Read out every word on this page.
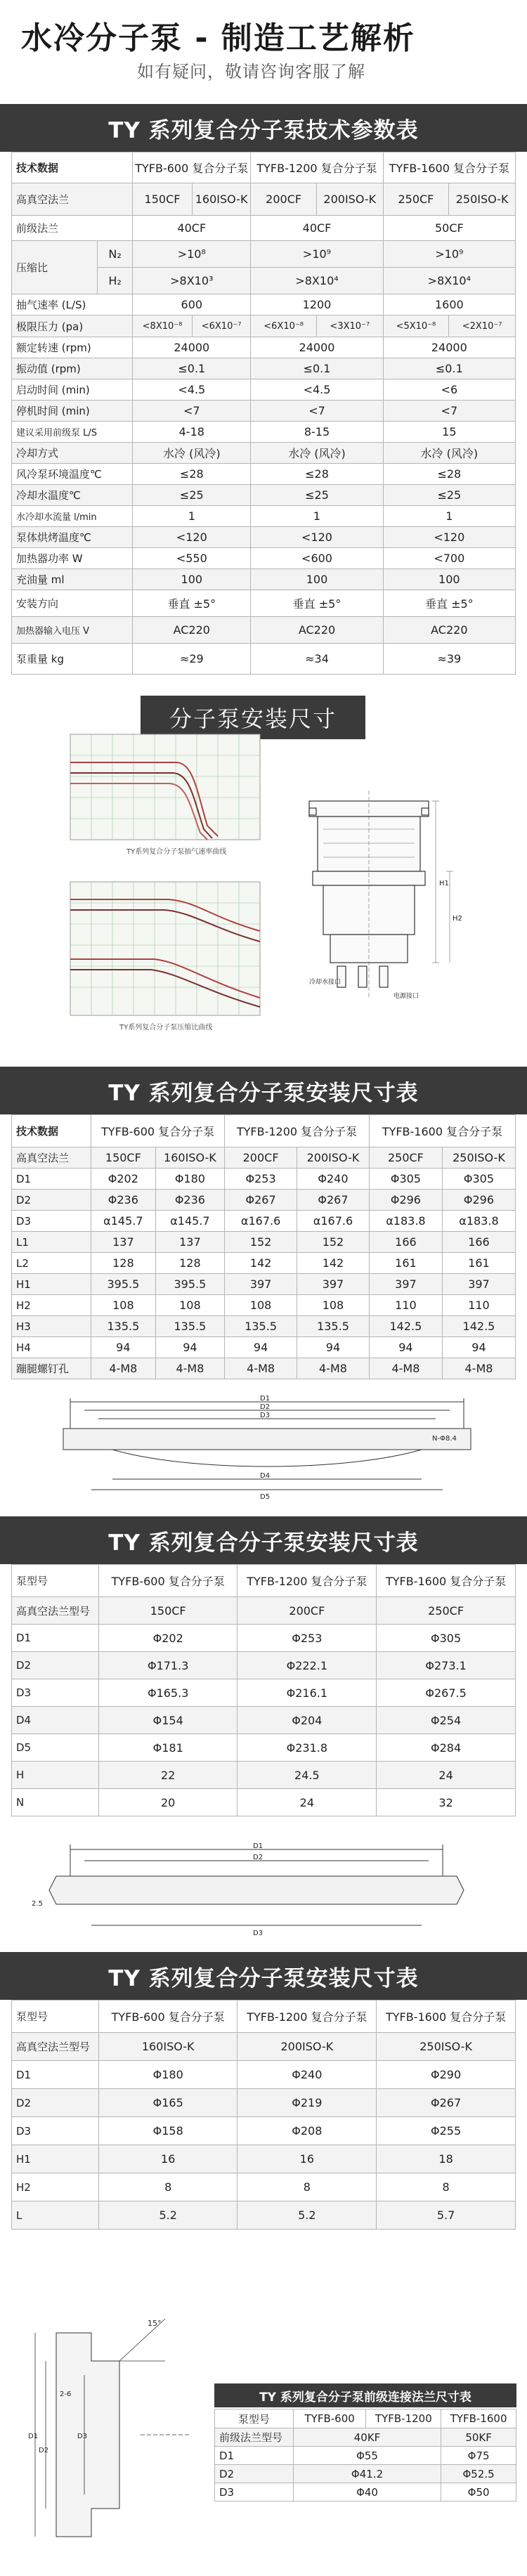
水冷分子泵 - 制造工艺解析
如有疑问，敬请咨询客服了解
TY 系列复合分子泵技术参数表
技术数据		TYFB-600 复合分子泵		TYFB-1200 复合分子泵		TYFB-1600 复合分子泵	
高真空法兰		150CF	160ISO-K	200CF	200ISO-K	250CF	250ISO-K
前级法兰		40CF		40CF		50CF	
压缩比	N₂	>10⁸		>10⁹		>10⁹	
	H₂	>8X10³		>8X10⁴		>8X10⁴	
抽气速率 (L/S)		600		1200		1600	
极限压力 (pa)		<8X10⁻⁸	<6X10⁻⁷	<6X10⁻⁸	<3X10⁻⁷	<5X10⁻⁸	<2X10⁻⁷
额定转速 (rpm)		24000		24000		24000	
振动值 (rpm)		≤0.1		≤0.1		≤0.1	
启动时间 (min)		<4.5		<4.5		<6	
停机时间 (min)		<7		<7		<7	
建议采用前级泵 L/S		4-18		8-15		15	
冷却方式		水冷 (风冷)		水冷 (风冷)		水冷 (风冷)	
风冷泵环境温度℃		≤28		≤28		≤28	
冷却水温度℃		≤25		≤25		≤25	
水冷却水流量 l/min		1		1		1	
泵体烘烤温度℃		<120		<120		<120	
加热器功率 W		<550		<600		<700	
充油量 ml		100		100		100	
安装方向		垂直 ±5°		垂直 ±5°		垂直 ±5°	
加热器输入电压 V		AC220		AC220		AC220	
泵重量 kg		≈29		≈34		≈39	
分子泵安装尺寸
TY系列复合分子泵抽气速率曲线
TY系列复合分子泵压缩比曲线
H1
H2
冷却水接口
电源接口
TY 系列复合分子泵安装尺寸表
技术数据	TYFB-600 复合分子泵		TYFB-1200 复合分子泵		TYFB-1600 复合分子泵	
高真空法兰	150CF	160ISO-K	200CF	200ISO-K	250CF	250ISO-K
D1	Φ202	Φ180	Φ253	Φ240	Φ305	Φ305
D2	Φ236	Φ236	Φ267	Φ267	Φ296	Φ296
D3	α145.7	α145.7	α167.6	α167.6	α183.8	α183.8
L1	137	137	152	152	166	166
L2	128	128	142	142	161	161
H1	395.5	395.5	397	397	397	397
H2	108	108	108	108	110	110
H3	135.5	135.5	135.5	135.5	142.5	142.5
H4	94	94	94	94	94	94
蹦腿螺钉孔	4-M8	4-M8	4-M8	4-M8	4-M8	4-M8
D1
D2
D3
D4
D5
N-Φ8.4
TY 系列复合分子泵安装尺寸表
泵型号	TYFB-600 复合分子泵	TYFB-1200 复合分子泵	TYFB-1600 复合分子泵
高真空法兰型号	150CF	200CF	250CF
D1	Φ202	Φ253	Φ305
D2	Φ171.3	Φ222.1	Φ273.1
D3	Φ165.3	Φ216.1	Φ267.5
D4	Φ154	Φ204	Φ254
D5	Φ181	Φ231.8	Φ284
H	22	24.5	24
N	20	24	32
D1
D2
D3
2.5
TY 系列复合分子泵安装尺寸表
泵型号	TYFB-600 复合分子泵	TYFB-1200 复合分子泵	TYFB-1600 复合分子泵
高真空法兰型号	160ISO-K	200ISO-K	250ISO-K
D1	Φ180	Φ240	Φ290
D2	Φ165	Φ219	Φ267
D3	Φ158	Φ208	Φ255
H1	16	16	18
H2	8	8	8
L	5.2	5.2	5.7
15°
D1
D2
D3
2-6	TY 系列复合分子泵前级连接法兰尺寸表
泵型号	TYFB-600	TYFB-1200	TYFB-1600
前级法兰型号	40KF		50KF
D1	Φ55		Φ75
D2	Φ41.2		Φ52.5
D3	Φ40		Φ50
